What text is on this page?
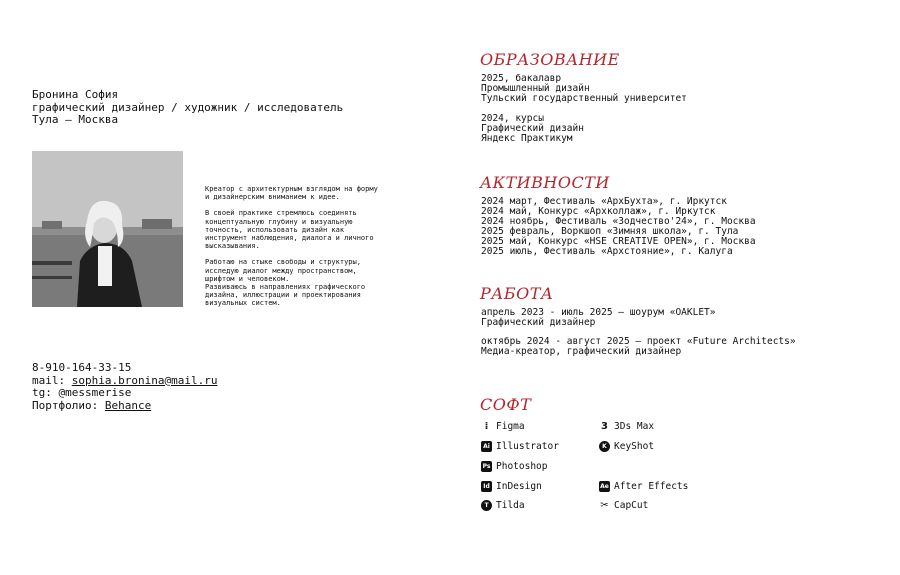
Бронина София
графический дизайнер / художник / исследователь
Тула — Москва
Креатор с архитектурным взглядом на форму
и дизайнерским вниманием к идее.
В своей практике стремлюсь соединять
концептуальную глубину и визуальную
точность, использовать дизайн как
инструмент наблюдения, диалога и личного
высказывания.
Работаю на стыке свободы и структуры,
исследую диалог между пространством,
шрифтом и человеком.
Развиваюсь в направлениях графического
дизайна, иллюстрации и проектирования
визуальных систем.
8-910-164-33-15
mail: sophia.bronina@mail.ru
tg: @messmerise
Портфолио: Behance
ОБРАЗОВАНИЕ
2025, бакалавр
Промышленный дизайн
Тульский государственный университет
2024, курсы
Графический дизайн
Яндекс Практикум
АКТИВНОСТИ
2024 март, Фестиваль «АрхБухта», г. Иркутск
2024 май, Конкурс «Архколлаж», г. Иркутск
2024 ноябрь, Фестиваль «Зодчество'24», г. Москва
2025 февраль, Воркшоп «Зимняя школа», г. Тула
2025 май, Конкурс «HSE CREATIVE OPEN», г. Москва
2025 июль, Фестиваль «Архстояние», г. Калуга
РАБОТА
апрель 2023 - июль 2025 — шоурум «OAKLET»
Графический дизайнер
октябрь 2024 - август 2025 — проект «Future Architects»
Медиа-креатор, графический дизайнер
СОФТ
⁞ Figma
Ai Illustrator
Ps Photoshop
Id InDesign
T Tilda
3 3Ds Max
K KeyShot
Ae After Effects
✂ CapCut
